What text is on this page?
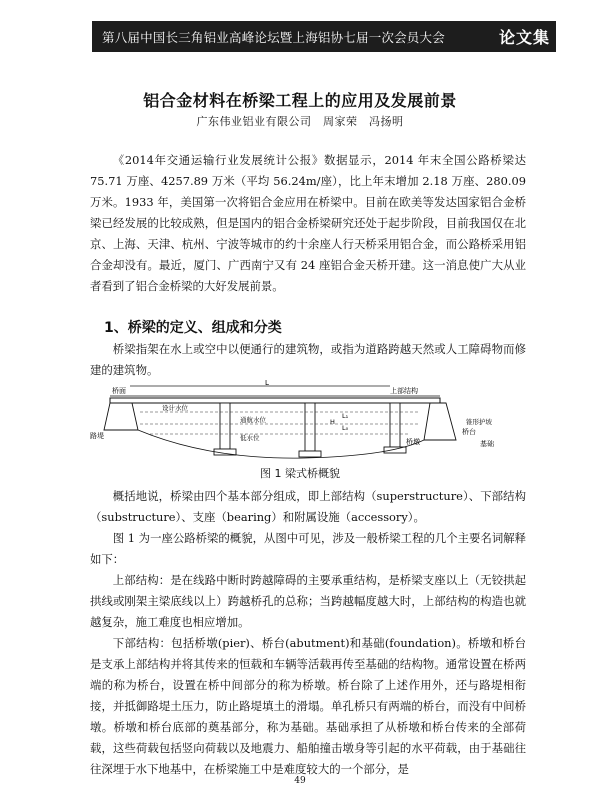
第八届中国长三角铝业高峰论坛暨上海铝协七届一次会员大会	论文集
铝合金材料在桥梁工程上的应用及发展前景
广东伟业铝业有限公司　周家荣　冯扬明

《2014年交通运输行业发展统计公报》数据显示，2014 年末全国公路桥梁达 75.71 万座、4257.89 万米（平均 56.24m/座），比上年末增加 2.18 万座、280.09 万米。1933 年，美国第一次将铝合金应用在桥梁中。目前在欧美等发达国家铝合金桥梁已经发展的比较成熟，但是国内的铝合金桥梁研究还处于起步阶段，目前我国仅在北京、上海、天津、杭州、宁波等城市的约十余座人行天桥采用铝合金，而公路桥采用铝合金却没有。最近，厦门、广西南宁又有 24 座铝合金天桥开建。这一消息使广大从业者看到了铝合金桥梁的大好发展前景。

1、桥梁的定义、组成和分类

桥梁指架在水上或空中以便通行的建筑物，或指为道路跨越天然或人工障碍物而修建的建筑物。

L
桥面	上部结构
路堤
设计水位
通航水位
低水位
L₁
L₀
H
桥墩
锥形护坡
基础
桥台
图 1 梁式桥概貌

概括地说，桥梁由四个基本部分组成，即上部结构（superstructure）、下部结构（substructure）、支座（bearing）和附属设施（accessory）。

图 1 为一座公路桥梁的概貌，从图中可见，涉及一般桥梁工程的几个主要名词解释如下：

上部结构：是在线路中断时跨越障碍的主要承重结构，是桥梁支座以上（无铰拱起拱线或刚架主梁底线以上）跨越桥孔的总称；当跨越幅度越大时，上部结构的构造也就越复杂，施工难度也相应增加。

下部结构：包括桥墩(pier)、桥台(abutment)和基础(foundation)。桥墩和桥台是支承上部结构并将其传来的恒载和车辆等活载再传至基础的结构物。通常设置在桥两端的称为桥台，设置在桥中间部分的称为桥墩。桥台除了上述作用外，还与路堤相衔接，并抵御路堤土压力，防止路堤填土的滑塌。单孔桥只有两端的桥台，而没有中间桥墩。桥墩和桥台底部的奠基部分，称为基础。基础承担了从桥墩和桥台传来的全部荷载，这些荷载包括竖向荷载以及地震力、船舶撞击墩身等引起的水平荷载，由于基础往往深埋于水下地基中，在桥梁施工中是难度较大的一个部分，是

49
